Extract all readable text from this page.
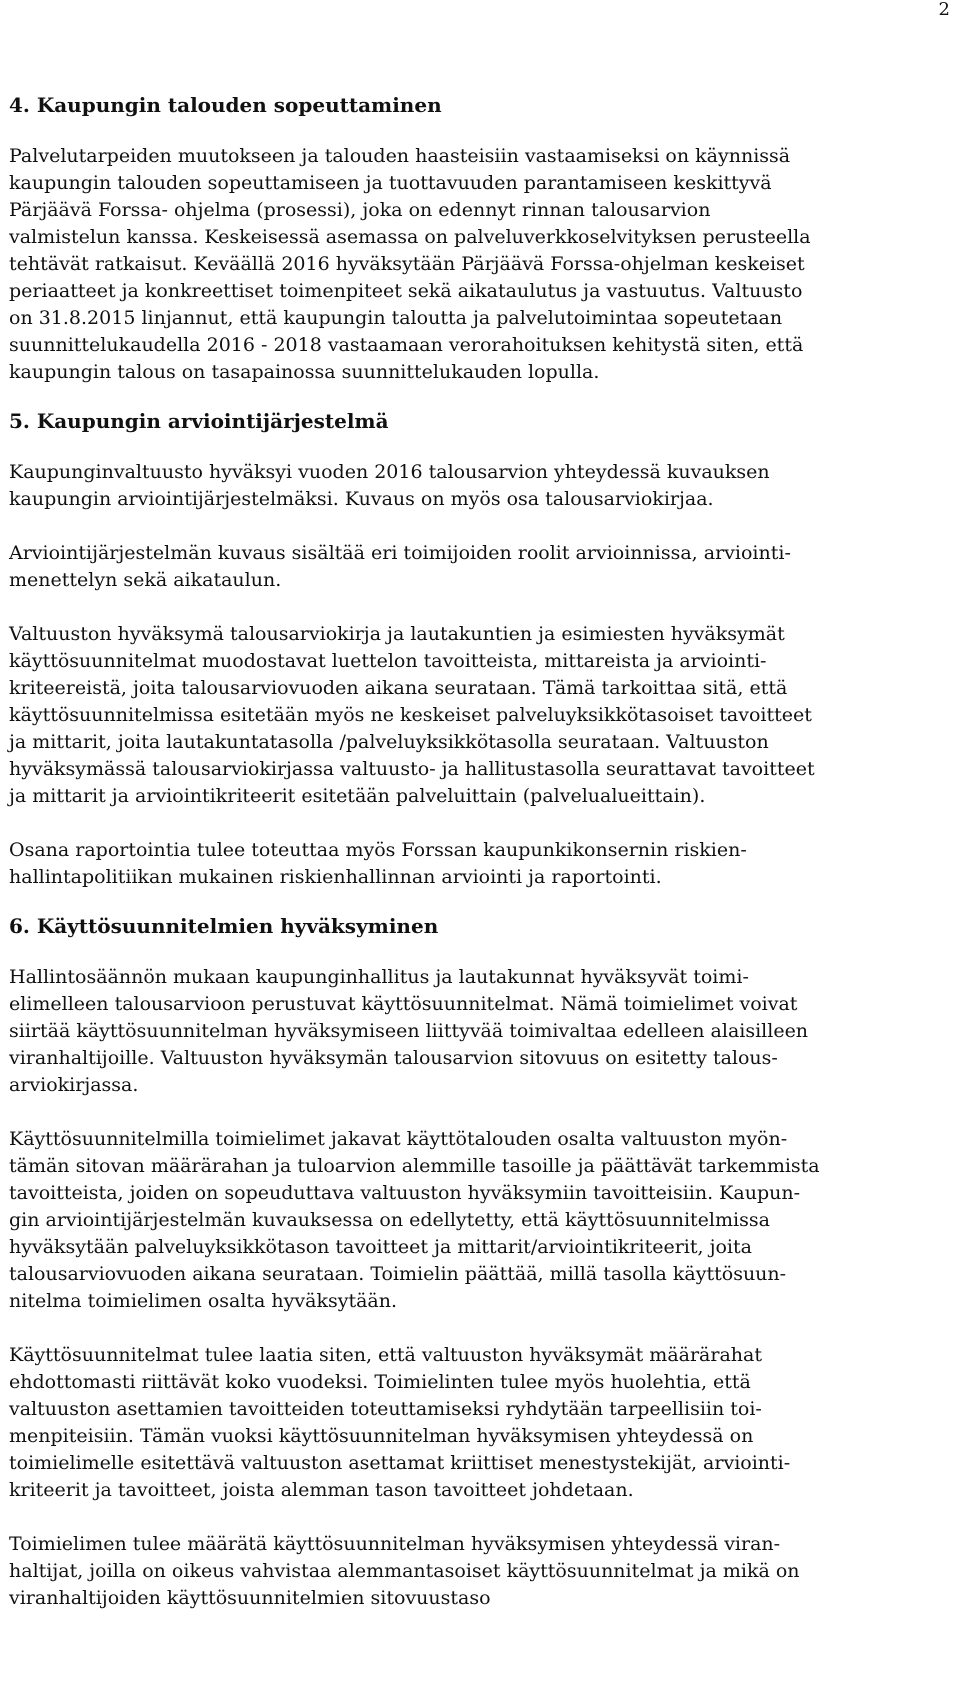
2
4. Kaupungin talouden sopeuttaminen

Palvelutarpeiden muutokseen ja talouden haasteisiin vastaamiseksi on käynnissä
kaupungin talouden sopeuttamiseen ja tuottavuuden parantamiseen keskittyvä
Pärjäävä Forssa- ohjelma (prosessi), joka on edennyt rinnan talousarvion
valmistelun kanssa. Keskeisessä asemassa on palveluverkkoselvityksen perusteella
tehtävät ratkaisut. Keväällä 2016 hyväksytään Pärjäävä Forssa-ohjelman keskeiset
periaatteet ja konkreettiset toimenpiteet sekä aikataulutus ja vastuutus. Valtuusto
on 31.8.2015 linjannut, että kaupungin taloutta ja palvelutoimintaa sopeutetaan
suunnittelukaudella 2016 - 2018 vastaamaan verorahoituksen kehitystä siten, että
kaupungin talous on tasapainossa suunnittelukauden lopulla.

5. Kaupungin arviointijärjestelmä

Kaupunginvaltuusto hyväksyi vuoden 2016 talousarvion yhteydessä kuvauksen
kaupungin arviointijärjestelmäksi. Kuvaus on myös osa talousarviokirjaa.

Arviointijärjestelmän kuvaus sisältää eri toimijoiden roolit arvioinnissa, arviointi-
menettelyn sekä aikataulun.

Valtuuston hyväksymä talousarviokirja ja lautakuntien ja esimiesten hyväksymät
käyttösuunnitelmat muodostavat luettelon tavoitteista, mittareista ja arviointi-
kriteereistä, joita talousarviovuoden aikana seurataan. Tämä tarkoittaa sitä, että
käyttösuunnitelmissa esitetään myös ne keskeiset palveluyksikkötasoiset tavoitteet
ja mittarit, joita lautakuntatasolla /palveluyksikkötasolla seurataan. Valtuuston
hyväksymässä talousarviokirjassa valtuusto- ja hallitustasolla seurattavat tavoitteet
ja mittarit ja arviointikriteerit esitetään palveluittain (palvelualueittain).

Osana raportointia tulee toteuttaa myös Forssan kaupunkikonsernin riskien-
hallintapolitiikan mukainen riskienhallinnan arviointi ja raportointi.

6. Käyttösuunnitelmien hyväksyminen

Hallintosäännön mukaan kaupunginhallitus ja lautakunnat hyväksyvät toimi-
elimelleen talousarvioon perustuvat käyttösuunnitelmat. Nämä toimielimet voivat
siirtää käyttösuunnitelman hyväksymiseen liittyvää toimivaltaa edelleen alaisilleen
viranhaltijoille. Valtuuston hyväksymän talousarvion sitovuus on esitetty talous-
arviokirjassa.

Käyttösuunnitelmilla toimielimet jakavat käyttötalouden osalta valtuuston myön-
tämän sitovan määrärahan ja tuloarvion alemmille tasoille ja päättävät tarkemmista
tavoitteista, joiden on sopeuduttava valtuuston hyväksymiin tavoitteisiin. Kaupun-
gin arviointijärjestelmän kuvauksessa on edellytetty, että käyttösuunnitelmissa
hyväksytään palveluyksikkötason tavoitteet ja mittarit/arviointikriteerit, joita
talousarviovuoden aikana seurataan. Toimielin päättää, millä tasolla käyttösuun-
nitelma toimielimen osalta hyväksytään.

Käyttösuunnitelmat tulee laatia siten, että valtuuston hyväksymät määrärahat
ehdottomasti riittävät koko vuodeksi. Toimielinten tulee myös huolehtia, että
valtuuston asettamien tavoitteiden toteuttamiseksi ryhdytään tarpeellisiin toi-
menpiteisiin. Tämän vuoksi käyttösuunnitelman hyväksymisen yhteydessä on
toimielimelle esitettävä valtuuston asettamat kriittiset menestystekijät, arviointi-
kriteerit ja tavoitteet, joista alemman tason tavoitteet johdetaan.

Toimielimen tulee määrätä käyttösuunnitelman hyväksymisen yhteydessä viran-
haltijat, joilla on oikeus vahvistaa alemmantasoiset käyttösuunnitelmat ja mikä on
viranhaltijoiden käyttösuunnitelmien sitovuustaso
